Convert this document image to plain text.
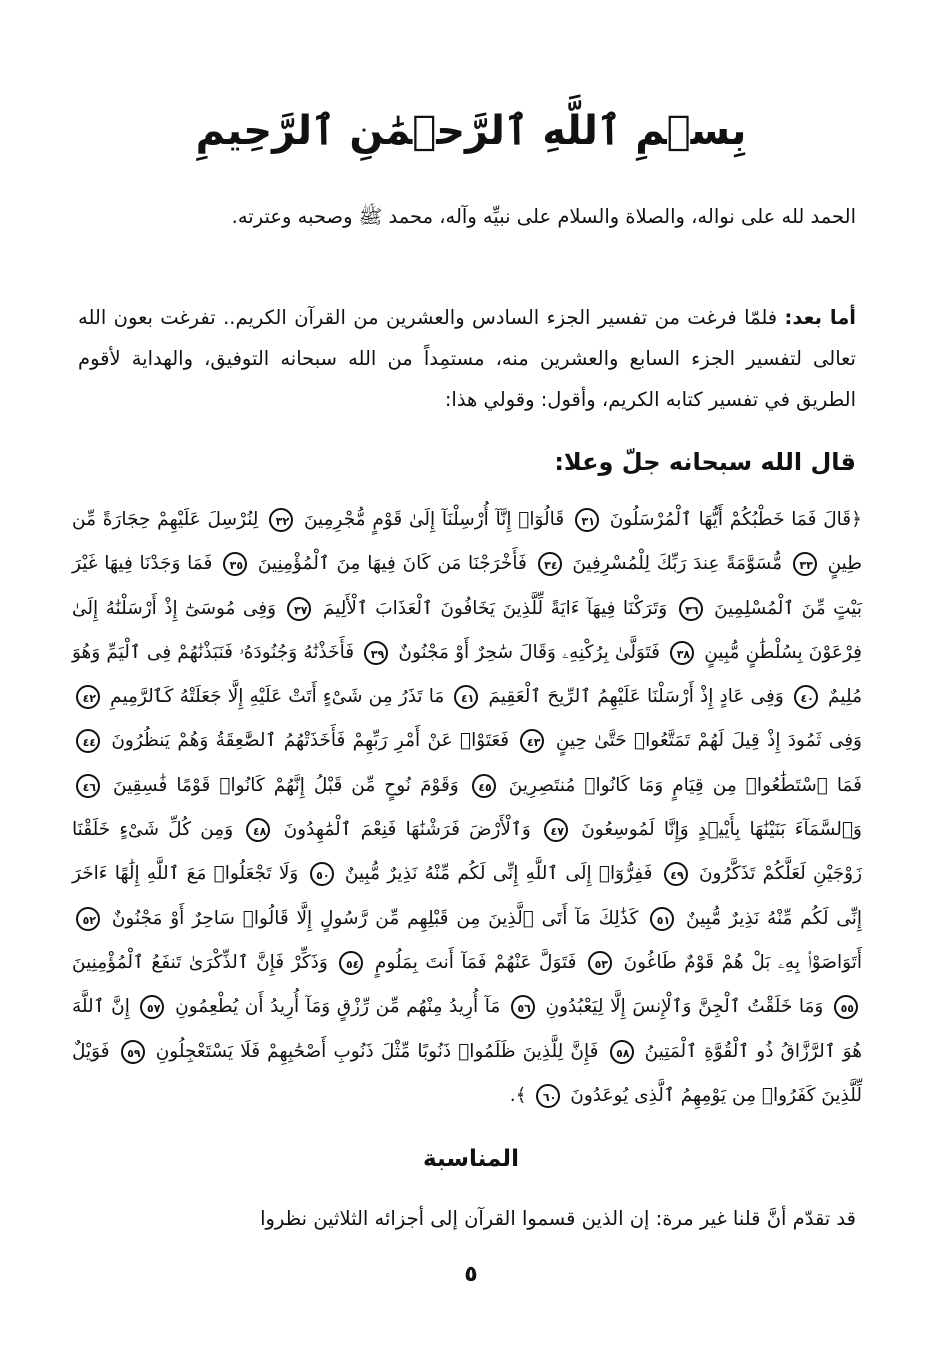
بِسۡمِ ٱللَّهِ ٱلرَّحۡمَٰنِ ٱلرَّحِيمِ
الحمد لله على نواله، والصلاة والسلام على نبيِّه وآله، محمد ﷺ وصحبه وعترته.
أما بعد: فلمّا فرغت من تفسير الجزء السادس والعشرين من القرآن الكريم.. تفرغت بعون الله تعالى لتفسير الجزء السابع والعشرين منه، مستمِداً من الله سبحانه التوفيق، والهداية لأقوم الطريق في تفسير كتابه الكريم، وأقول: وقولي هذا:
قال الله سبحانه جلّ وعلا:
﴿قَالَ فَمَا خَطْبُكُمْ أَيُّهَا ٱلْمُرْسَلُونَ ٣١ قَالُوٓا۟ إِنَّآ أُرْسِلْنَآ إِلَىٰ قَوْمٍ مُّجْرِمِينَ ٣٢ لِنُرْسِلَ عَلَيْهِمْ حِجَارَةً مِّن طِينٍ ٣٣ مُّسَوَّمَةً عِندَ رَبِّكَ لِلْمُسْرِفِينَ ٣٤ فَأَخْرَجْنَا مَن كَانَ فِيهَا مِنَ ٱلْمُؤْمِنِينَ ٣٥ فَمَا وَجَدْنَا فِيهَا غَيْرَ بَيْتٍ مِّنَ ٱلْمُسْلِمِينَ ٣٦ وَتَرَكْنَا فِيهَآ ءَايَةً لِّلَّذِينَ يَخَافُونَ ٱلْعَذَابَ ٱلْأَلِيمَ ٣٧ وَفِى مُوسَىٰٓ إِذْ أَرْسَلْنَٰهُ إِلَىٰ فِرْعَوْنَ بِسُلْطَٰنٍ مُّبِينٍ ٣٨ فَتَوَلَّىٰ بِرُكْنِهِۦ وَقَالَ سَٰحِرٌ أَوْ مَجْنُونٌ ٣٩ فَأَخَذْنَٰهُ وَجُنُودَهُۥ فَنَبَذْنَٰهُمْ فِى ٱلْيَمِّ وَهُوَ مُلِيمٌ ٤٠ وَفِى عَادٍ إِذْ أَرْسَلْنَا عَلَيْهِمُ ٱلرِّيحَ ٱلْعَقِيمَ ٤١ مَا تَذَرُ مِن شَىْءٍ أَتَتْ عَلَيْهِ إِلَّا جَعَلَتْهُ كَٱلرَّمِيمِ ٤٢ وَفِى ثَمُودَ إِذْ قِيلَ لَهُمْ تَمَتَّعُوا۟ حَتَّىٰ حِينٍ ٤٣ فَعَتَوْا۟ عَنْ أَمْرِ رَبِّهِمْ فَأَخَذَتْهُمُ ٱلصَّٰعِقَةُ وَهُمْ يَنظُرُونَ ٤٤ فَمَا ٱسْتَطَٰعُوا۟ مِن قِيَامٍ وَمَا كَانُوا۟ مُنتَصِرِينَ ٤٥ وَقَوْمَ نُوحٍ مِّن قَبْلُ إِنَّهُمْ كَانُوا۟ قَوْمًا فَٰسِقِينَ ٤٦ وَٱلسَّمَآءَ بَنَيْنَٰهَا بِأَيْي۟دٍ وَإِنَّا لَمُوسِعُونَ ٤٧ وَٱلْأَرْضَ فَرَشْنَٰهَا فَنِعْمَ ٱلْمَٰهِدُونَ ٤٨ وَمِن كُلِّ شَىْءٍ خَلَقْنَا زَوْجَيْنِ لَعَلَّكُمْ تَذَكَّرُونَ ٤٩ فَفِرُّوٓا۟ إِلَى ٱللَّهِ إِنِّى لَكُم مِّنْهُ نَذِيرٌ مُّبِينٌ ٥٠ وَلَا تَجْعَلُوا۟ مَعَ ٱللَّهِ إِلَٰهًا ءَاخَرَ إِنِّى لَكُم مِّنْهُ نَذِيرٌ مُّبِينٌ ٥١ كَذَٰلِكَ مَآ أَتَى ٱلَّذِينَ مِن قَبْلِهِم مِّن رَّسُولٍ إِلَّا قَالُوا۟ سَاحِرٌ أَوْ مَجْنُونٌ ٥٢ أَتَوَاصَوْا۟ بِهِۦ بَلْ هُمْ قَوْمٌ طَاغُونَ ٥٣ فَتَوَلَّ عَنْهُمْ فَمَآ أَنتَ بِمَلُومٍ ٥٤ وَذَكِّرْ فَإِنَّ ٱلذِّكْرَىٰ تَنفَعُ ٱلْمُؤْمِنِينَ ٥٥ وَمَا خَلَقْتُ ٱلْجِنَّ وَٱلْإِنسَ إِلَّا لِيَعْبُدُونِ ٥٦ مَآ أُرِيدُ مِنْهُم مِّن رِّزْقٍ وَمَآ أُرِيدُ أَن يُطْعِمُونِ ٥٧ إِنَّ ٱللَّهَ هُوَ ٱلرَّزَّاقُ ذُو ٱلْقُوَّةِ ٱلْمَتِينُ ٥٨ فَإِنَّ لِلَّذِينَ ظَلَمُوا۟ ذَنُوبًا مِّثْلَ ذَنُوبِ أَصْحَٰبِهِمْ فَلَا يَسْتَعْجِلُونِ ٥٩ فَوَيْلٌ لِّلَّذِينَ كَفَرُوا۟ مِن يَوْمِهِمُ ٱلَّذِى يُوعَدُونَ ٦٠ ﴾.
المناسبة
قد تقدّم أنَّ قلنا غير مرة: إن الذين قسموا القرآن إلى أجزائه الثلاثين نظروا
٥
